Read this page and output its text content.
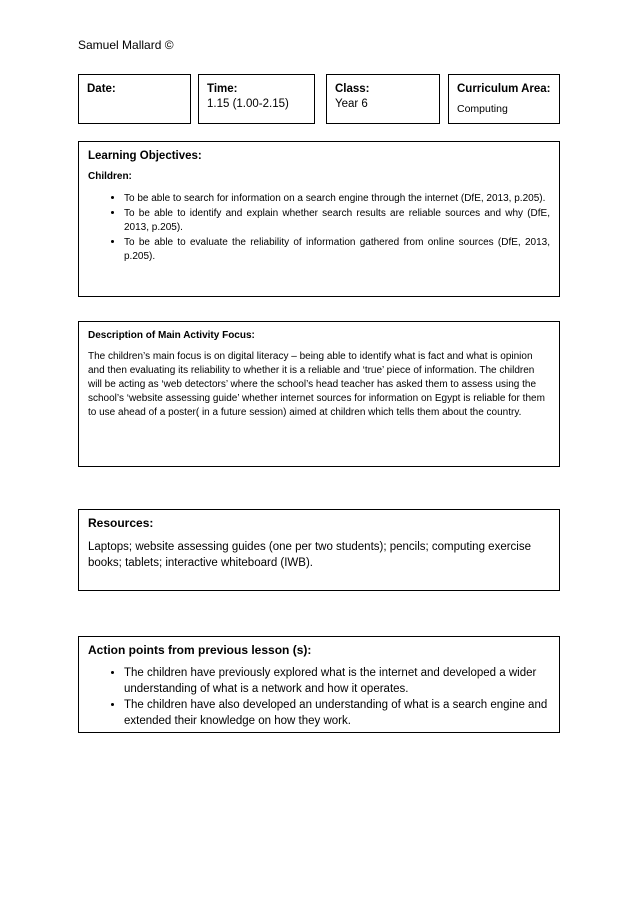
Samuel Mallard ©
Date:	Time:
1.15 (1.00-2.15)
Class:
Year 6
Curriculum Area:
Computing
Learning Objectives:
Children:
• To be able to search for information on a search engine through the internet (DfE, 2013, p.205).
• To be able to identify and explain whether search results are reliable sources and why (DfE, 2013, p.205).
• To be able to evaluate the reliability of information gathered from online sources (DfE, 2013, p.205).
Description of Main Activity Focus:
The children’s main focus is on digital literacy – being able to identify what is fact and what is opinion and then evaluating its reliability to whether it is a reliable and ‘true’ piece of information. The children will be acting as ‘web detectors’ where the school’s head teacher has asked them to assess using the school’s ‘website assessing guide’ whether internet sources for information on Egypt is reliable for them to use ahead of a poster( in a future session) aimed at children which tells them about the country.
Resources:
Laptops; website assessing guides (one per two students); pencils; computing exercise books; tablets; interactive whiteboard (IWB).
Action points from previous lesson (s):
• The children have previously explored what is the internet and developed a wider understanding of what is a network and how it operates.
• The children have also developed an understanding of what is a search engine and extended their knowledge on how they work.
